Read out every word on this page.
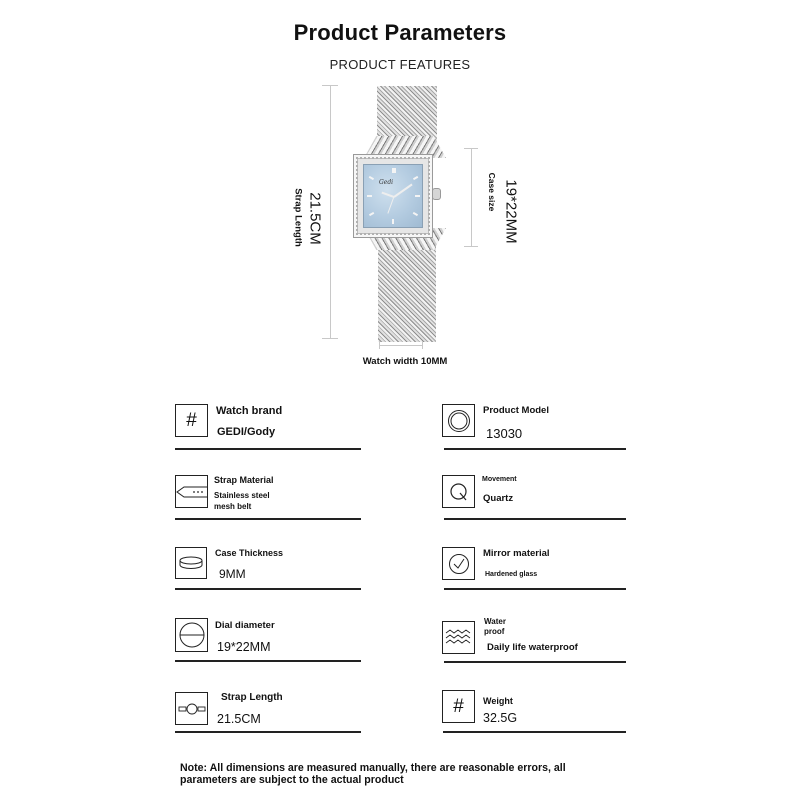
Product Parameters
PRODUCT FEATURES
21.5CM
Strap Length	19*22MM
Case size
Gedi
Watch width 10MM
# Watch brand
GEDI/Gody
Product Model
13030
Strap Material
Stainless steel
mesh belt
Movement
Quartz
Case Thickness
9MM
Mirror material
Hardened glass
Dial diameter
19*22MM
Water
proof
Daily life waterproof
Strap Length
21.5CM
# Weight
32.5G
Note: All dimensions are measured manually, there are reasonable errors, all parameters are subject to the actual product
